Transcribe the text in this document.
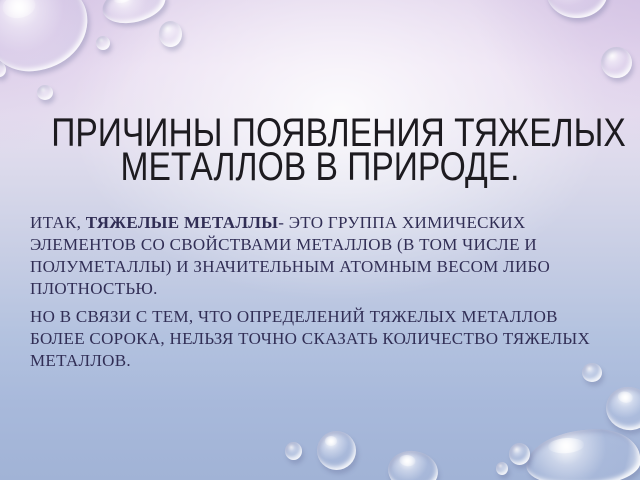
ПРИЧИНЫ ПОЯВЛЕНИЯ ТЯЖЕЛЫХ
МЕТАЛЛОВ В ПРИРОДЕ.
ИТАК, ТЯЖЕЛЫЕ МЕТАЛЛЫ- ЭТО ГРУППА ХИМИЧЕСКИХ
ЭЛЕМЕНТОВ СО СВОЙСТВАМИ МЕТАЛЛОВ (В ТОМ ЧИСЛЕ И
ПОЛУМЕТАЛЛЫ) И ЗНАЧИТЕЛЬНЫМ АТОМНЫМ ВЕСОМ ЛИБО
ПЛОТНОСТЬЮ.
НО В СВЯЗИ С ТЕМ, ЧТО ОПРЕДЕЛЕНИЙ ТЯЖЕЛЫХ МЕТАЛЛОВ
БОЛЕЕ СОРОКА, НЕЛЬЗЯ ТОЧНО СКАЗАТЬ КОЛИЧЕСТВО ТЯЖЕЛЫХ
МЕТАЛЛОВ.
